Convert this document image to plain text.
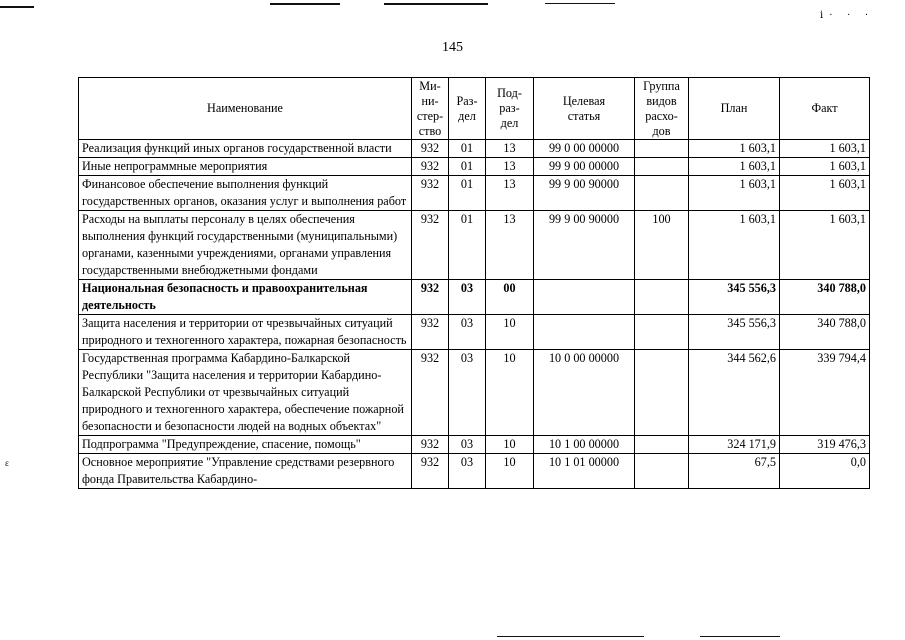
ⅰ· · ·
ε
145
Наименование	Ми-
ни-
стер-
ство	Раз-
дел	Под-
раз-
дел	Целевая
статья	Группа
видов
расхо-
дов	План	Факт
Реализация функций иных органов государственной власти	932	01	13	99 0 00 00000		1 603,1	1 603,1
Иные непрограммные мероприятия	932	01	13	99 9 00 00000		1 603,1	1 603,1
Финансовое обеспечение выполнения функций государственных органов, оказания услуг и выполнения работ	932	01	13	99 9 00 90000		1 603,1	1 603,1
Расходы на выплаты персоналу в целях обеспечения выполнения функций государственными (муниципальными) органами, казенными учреждениями, органами управления государственными внебюджетными фондами	932	01	13	99 9 00 90000	100	1 603,1	1 603,1
Национальная безопасность и правоохранительная деятельность	932	03	00			345 556,3	340 788,0
Защита населения и территории от чрезвычайных ситуаций природного и техногенного характера, пожарная безопасность	932	03	10			345 556,3	340 788,0
Государственная программа Кабардино-Балкарской Республики "Защита населения и территории Кабардино-Балкарской Республики от чрезвычайных ситуаций природного и техногенного характера, обеспечение пожарной безопасности и безопасности людей на водных объектах"	932	03	10	10 0 00 00000		344 562,6	339 794,4
Подпрограмма "Предупреждение, спасение, помощь"	932	03	10	10 1 00 00000		324 171,9	319 476,3
Основное мероприятие "Управление средствами резервного фонда Правительства Кабардино-	932	03	10	10 1 01 00000		67,5	0,0
